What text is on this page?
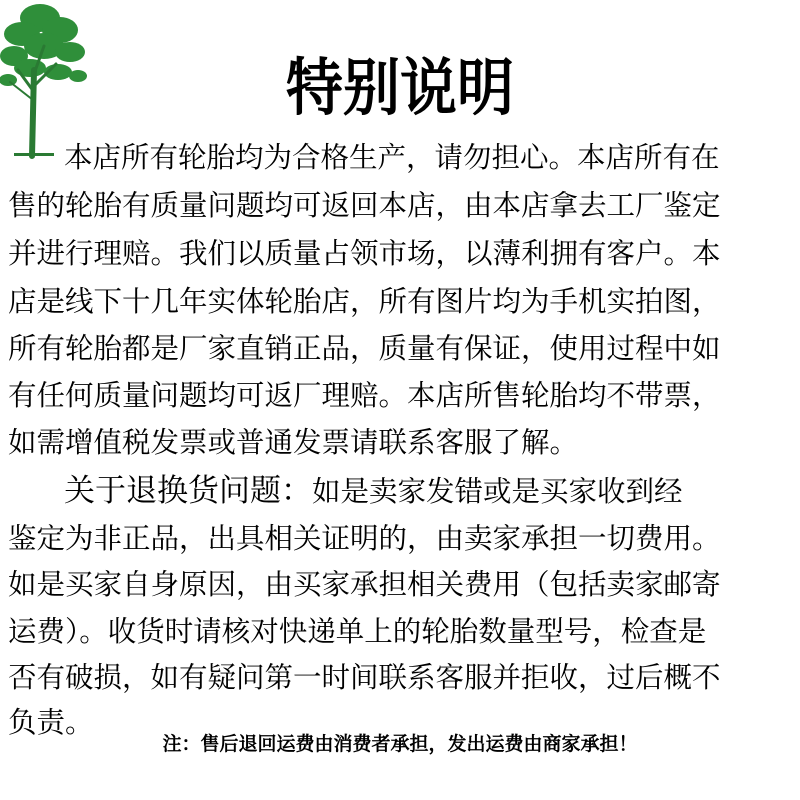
特别说明
本店所有轮胎均为合格生产，请勿担心。本店所有在
售的轮胎有质量问题均可返回本店，由本店拿去工厂鉴定
并进行理赔。我们以质量占领市场，以薄利拥有客户。本
店是线下十几年实体轮胎店，所有图片均为手机实拍图，
所有轮胎都是厂家直销正品，质量有保证，使用过程中如
有任何质量问题均可返厂理赔。本店所售轮胎均不带票，
如需增值税发票或普通发票请联系客服了解。
关于退换货问题：如是卖家发错或是买家收到经
鉴定为非正品，出具相关证明的，由卖家承担一切费用。
如是买家自身原因，由买家承担相关费用（包括卖家邮寄
运费）。收货时请核对快递单上的轮胎数量型号，检查是
否有破损，如有疑问第一时间联系客服并拒收，过后概不
负责。
注：售后退回运费由消费者承担，发出运费由商家承担！
